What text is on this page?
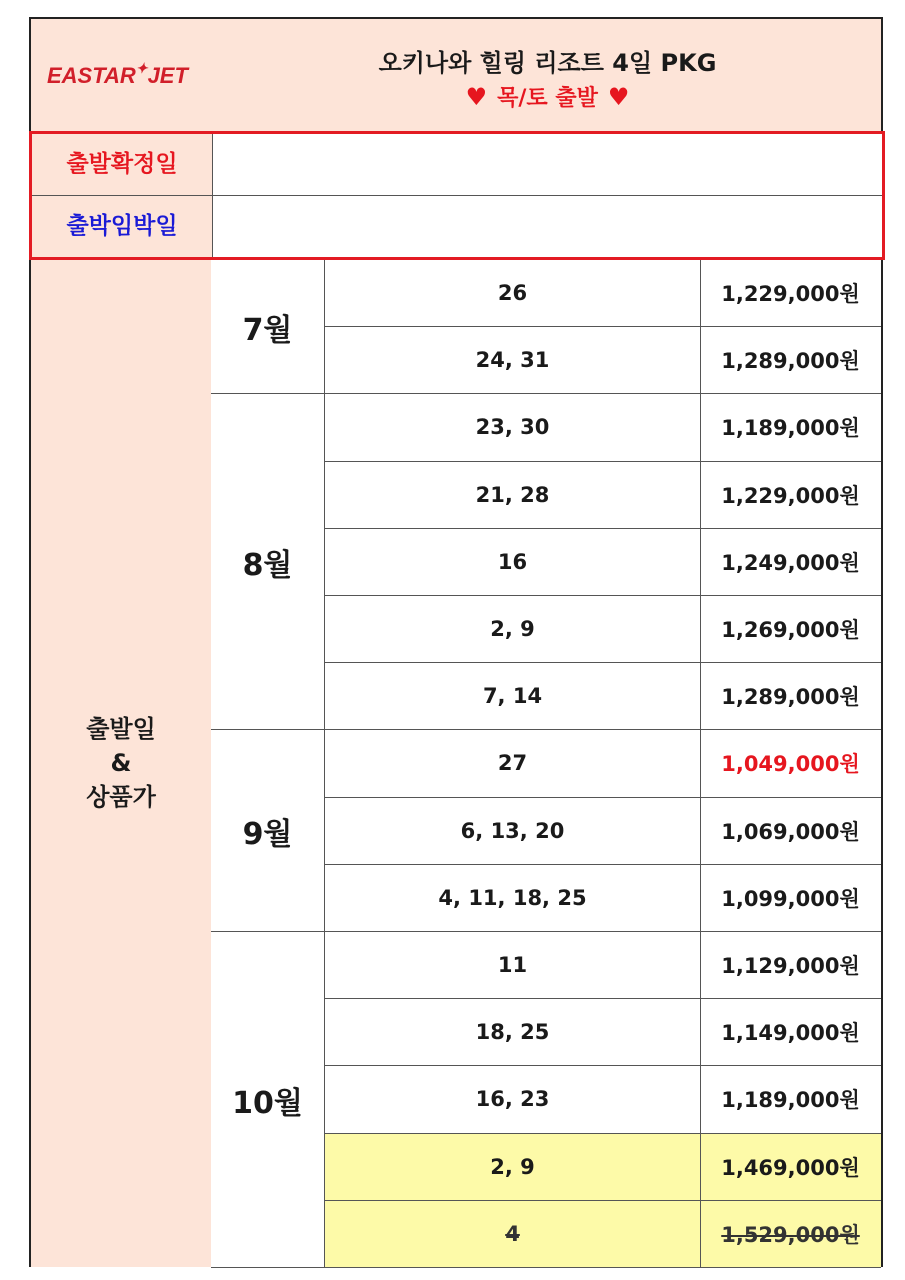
EASTAR✦JET	오키나와 힐링 리조트 4일 PKG
♥ 목/토 출발 ♥
출발확정일
출박임박일
출발일
&
상품가
7월
26	1,229,000원
24, 31	1,289,000원
8월
23, 30	1,189,000원
21, 28	1,229,000원
16	1,249,000원
2, 9	1,269,000원
7, 14	1,289,000원
9월
27	1,049,000원
6, 13, 20	1,069,000원
4, 11, 18, 25	1,099,000원
10월
11	1,129,000원
18, 25	1,149,000원
16, 23	1,189,000원
2, 9	1,469,000원
4	1,529,000원
